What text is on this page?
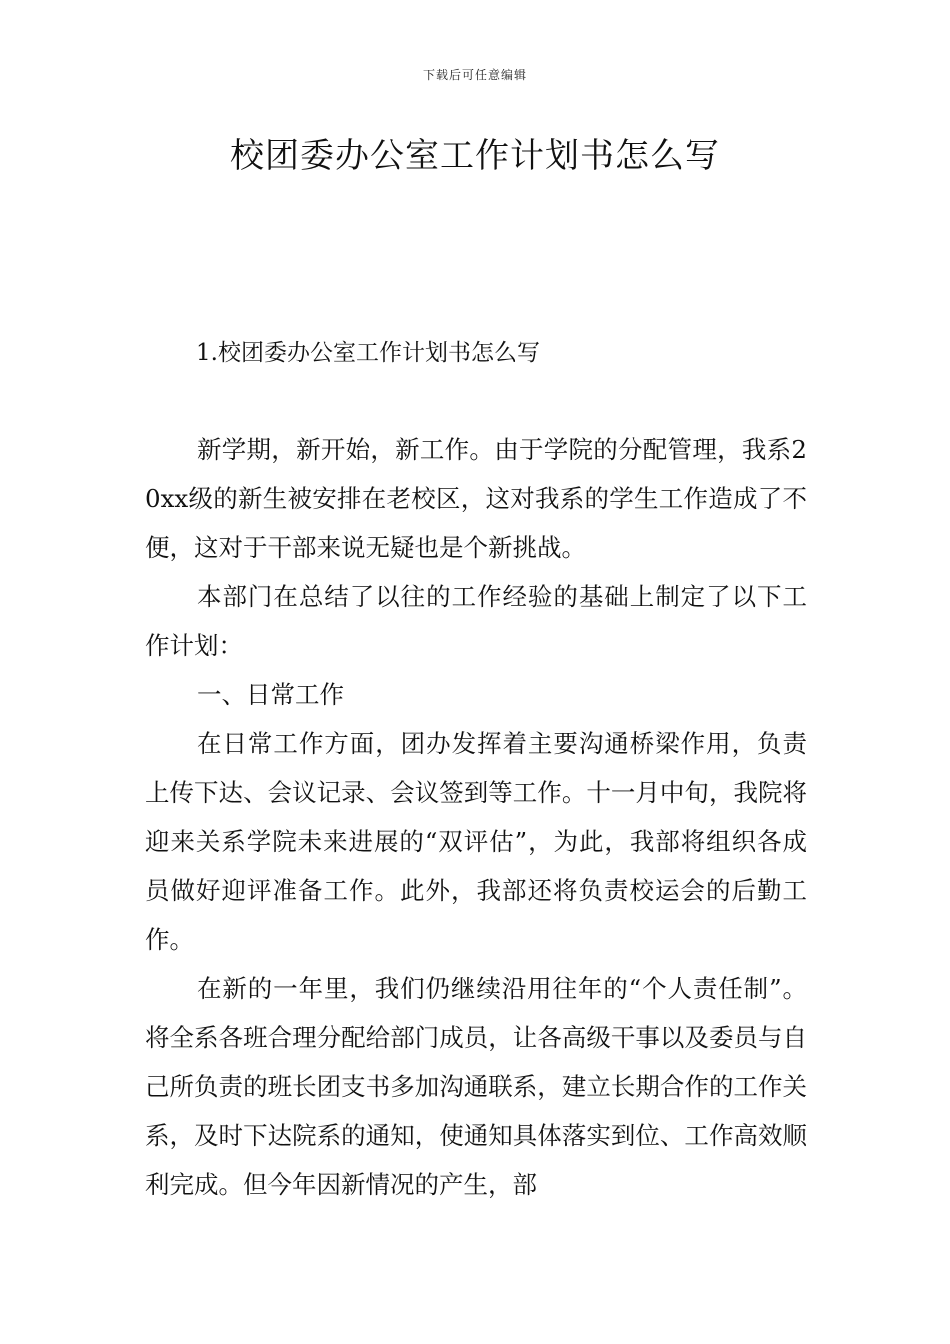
下载后可任意编辑
校团委办公室工作计划书怎么写
1.校团委办公室工作计划书怎么写

新学期，新开始，新工作。由于学院的分配管理，我系20xx级的新生被安排在老校区，这对我系的学生工作造成了不便，这对于干部来说无疑也是个新挑战。

本部门在总结了以往的工作经验的基础上制定了以下工作计划：

一、日常工作

在日常工作方面，团办发挥着主要沟通桥梁作用，负责上传下达、会议记录、会议签到等工作。十一月中旬，我院将迎来关系学院未来进展的“双评估”，为此，我部将组织各成员做好迎评准备工作。此外，我部还将负责校运会的后勤工作。

在新的一年里，我们仍继续沿用往年的“个人责任制”。将全系各班合理分配给部门成员，让各高级干事以及委员与自己所负责的班长团支书多加沟通联系，建立长期合作的工作关系，及时下达院系的通知，使通知具体落实到位、工作高效顺利完成。但今年因新情况的产生，部
